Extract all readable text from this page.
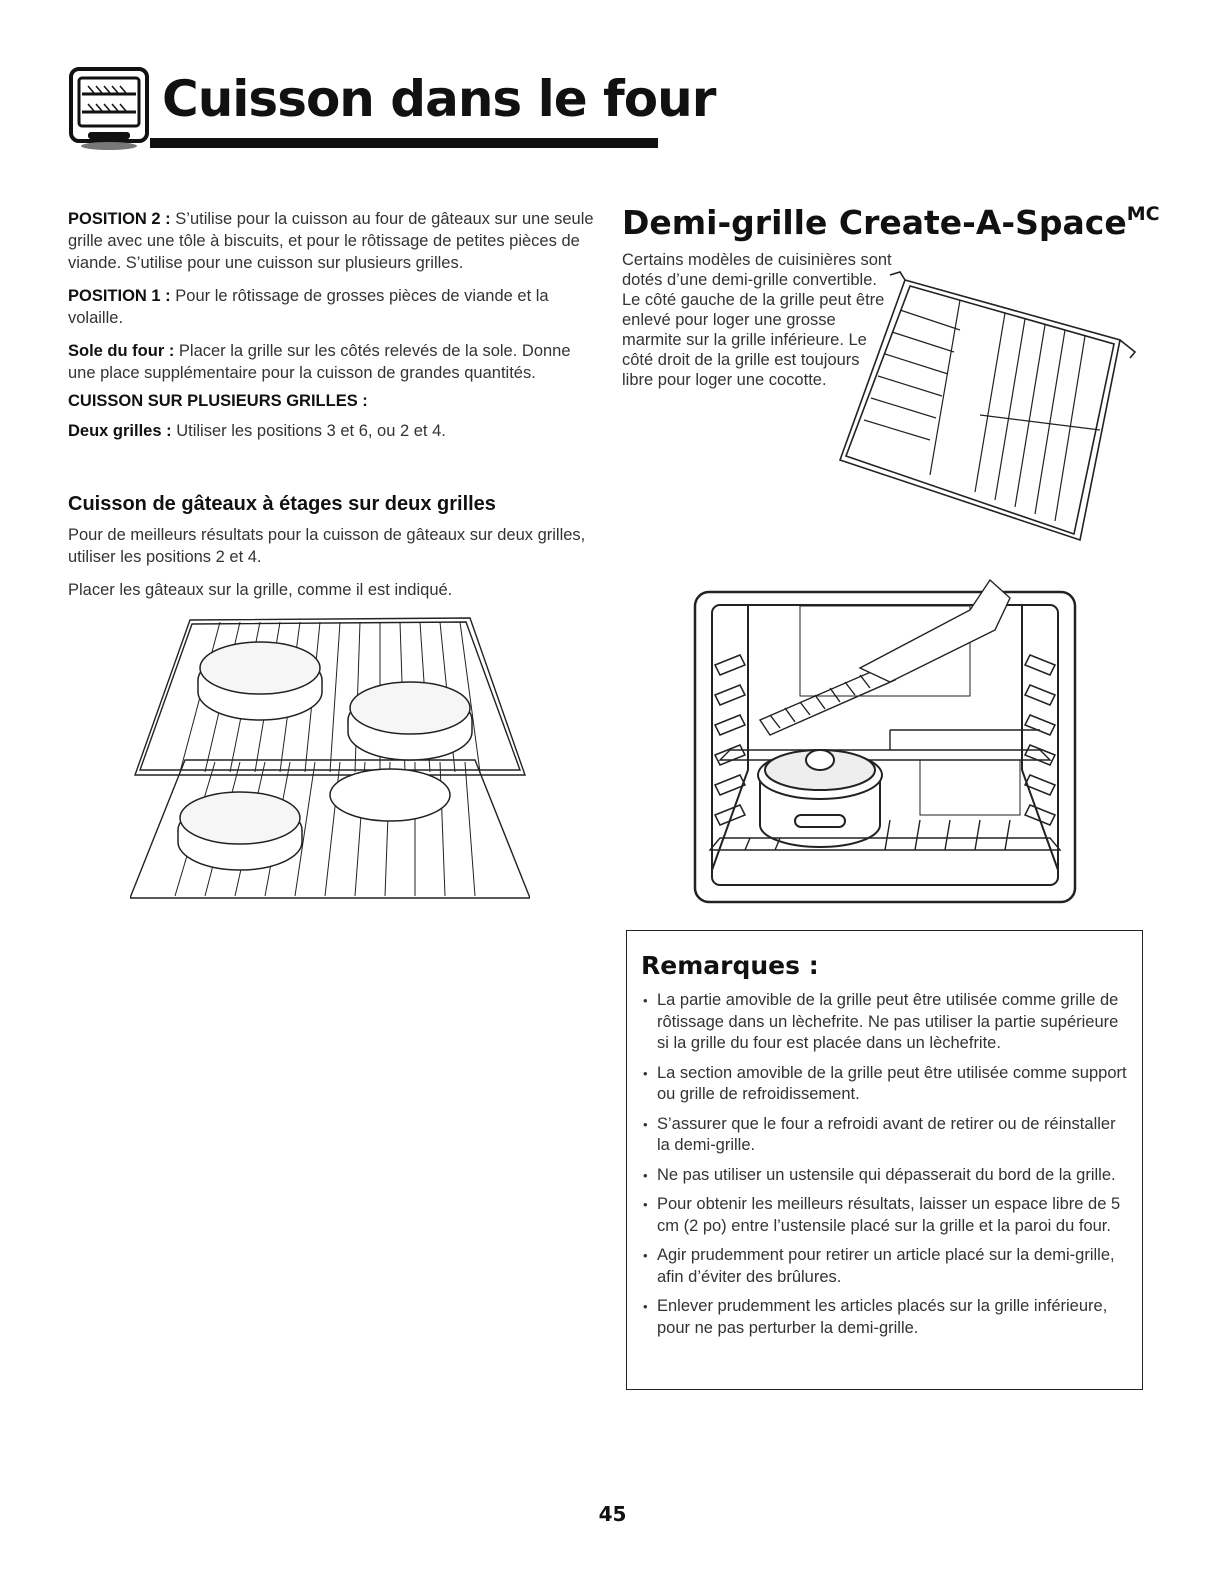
Cuisson dans le four

POSITION 2 : S’utilise pour la cuisson au four de gâteaux sur une seule grille avec une tôle à biscuits, et pour le rôtissage de petites pièces de viande. S’utilise pour une cuisson sur plusieurs grilles.

POSITION 1 : Pour le rôtissage de grosses pièces de viande et la volaille.

Sole du four : Placer la grille sur les côtés relevés de la sole. Donne une place supplémentaire pour la cuisson de grandes quantités.

CUISSON SUR PLUSIEURS GRILLES :

Deux grilles : Utiliser les positions 3 et 6, ou 2 et 4.

Cuisson de gâteaux à étages sur deux grilles

Pour de meilleurs résultats pour la cuisson de gâteaux sur deux grilles, utiliser les positions 2 et 4.

Placer les gâteaux sur la grille, comme il est indiqué.

Demi-grille Create-A-Space$^{MC}$
Certains modèles de cuisinières sont dotés d’une demi-grille convertible. Le côté gauche de la grille peut être enlevé pour loger une grosse marmite sur la grille inférieure. Le côté droit de la grille est toujours libre pour loger une cocotte.
Remarques :
• La partie amovible de la grille peut être utilisée comme grille de rôtissage dans un lèchefrite. Ne pas utiliser la partie supérieure si la grille du four est placée dans un lèchefrite.
• La section amovible de la grille peut être utilisée comme support ou grille de refroidissement.
• S’assurer que le four a refroidi avant de retirer ou de réinstaller la demi-grille.
• Ne pas utiliser un ustensile qui dépasserait du bord de la grille.
• Pour obtenir les meilleurs résultats, laisser un espace libre de 5 cm (2 po) entre l’ustensile placé sur la grille et la paroi du four.
• Agir prudemment pour retirer un article placé sur la demi-grille, afin d’éviter des brûlures.
• Enlever prudemment les articles placés sur la grille inférieure, pour ne pas perturber la demi-grille.
45
